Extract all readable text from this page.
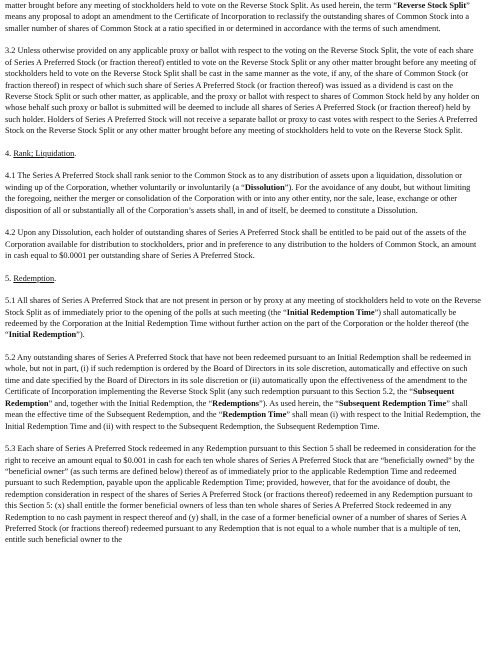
matter brought before any meeting of stockholders held to vote on the Reverse Stock Split. As used herein, the term “Reverse Stock Split” means any proposal to adopt an amendment to the Certificate of Incorporation to reclassify the outstanding shares of Common Stock into a smaller number of shares of Common Stock at a ratio specified in or determined in accordance with the terms of such amendment.

3.2 Unless otherwise provided on any applicable proxy or ballot with respect to the voting on the Reverse Stock Split, the vote of each share of Series A Preferred Stock (or fraction thereof) entitled to vote on the Reverse Stock Split or any other matter brought before any meeting of stockholders held to vote on the Reverse Stock Split shall be cast in the same manner as the vote, if any, of the share of Common Stock (or fraction thereof) in respect of which such share of Series A Preferred Stock (or fraction thereof) was issued as a dividend is cast on the Reverse Stock Split or such other matter, as applicable, and the proxy or ballot with respect to shares of Common Stock held by any holder on whose behalf such proxy or ballot is submitted will be deemed to include all shares of Series A Preferred Stock (or fraction thereof) held by such holder. Holders of Series A Preferred Stock will not receive a separate ballot or proxy to cast votes with respect to the Series A Preferred Stock on the Reverse Stock Split or any other matter brought before any meeting of stockholders held to vote on the Reverse Stock Split.

4. Rank; Liquidation.

4.1 The Series A Preferred Stock shall rank senior to the Common Stock as to any distribution of assets upon a liquidation, dissolution or winding up of the Corporation, whether voluntarily or involuntarily (a “Dissolution”). For the avoidance of any doubt, but without limiting the foregoing, neither the merger or consolidation of the Corporation with or into any other entity, nor the sale, lease, exchange or other disposition of all or substantially all of the Corporation’s assets shall, in and of itself, be deemed to constitute a Dissolution.

4.2 Upon any Dissolution, each holder of outstanding shares of Series A Preferred Stock shall be entitled to be paid out of the assets of the Corporation available for distribution to stockholders, prior and in preference to any distribution to the holders of Common Stock, an amount in cash equal to $0.0001 per outstanding share of Series A Preferred Stock.

5. Redemption.

5.1 All shares of Series A Preferred Stock that are not present in person or by proxy at any meeting of stockholders held to vote on the Reverse Stock Split as of immediately prior to the opening of the polls at such meeting (the “Initial Redemption Time”) shall automatically be redeemed by the Corporation at the Initial Redemption Time without further action on the part of the Corporation or the holder thereof (the “Initial Redemption”).

5.2 Any outstanding shares of Series A Preferred Stock that have not been redeemed pursuant to an Initial Redemption shall be redeemed in whole, but not in part, (i) if such redemption is ordered by the Board of Directors in its sole discretion, automatically and effective on such time and date specified by the Board of Directors in its sole discretion or (ii) automatically upon the effectiveness of the amendment to the Certificate of Incorporation implementing the Reverse Stock Split (any such redemption pursuant to this Section 5.2, the “Subsequent Redemption” and, together with the Initial Redemption, the “Redemptions”). As used herein, the “Subsequent Redemption Time” shall mean the effective time of the Subsequent Redemption, and the “Redemption Time” shall mean (i) with respect to the Initial Redemption, the Initial Redemption Time and (ii) with respect to the Subsequent Redemption, the Subsequent Redemption Time.

5.3 Each share of Series A Preferred Stock redeemed in any Redemption pursuant to this Section 5 shall be redeemed in consideration for the right to receive an amount equal to $0.001 in cash for each ten whole shares of Series A Preferred Stock that are “beneficially owned” by the “beneficial owner” (as such terms are defined below) thereof as of immediately prior to the applicable Redemption Time and redeemed pursuant to such Redemption, payable upon the applicable Redemption Time; provided, however, that for the avoidance of doubt, the redemption consideration in respect of the shares of Series A Preferred Stock (or fractions thereof) redeemed in any Redemption pursuant to this Section 5: (x) shall entitle the former beneficial owners of less than ten whole shares of Series A Preferred Stock redeemed in any Redemption to no cash payment in respect thereof and (y) shall, in the case of a former beneficial owner of a number of shares of Series A Preferred Stock (or fractions thereof) redeemed pursuant to any Redemption that is not equal to a whole number that is a multiple of ten, entitle such beneficial owner to the
